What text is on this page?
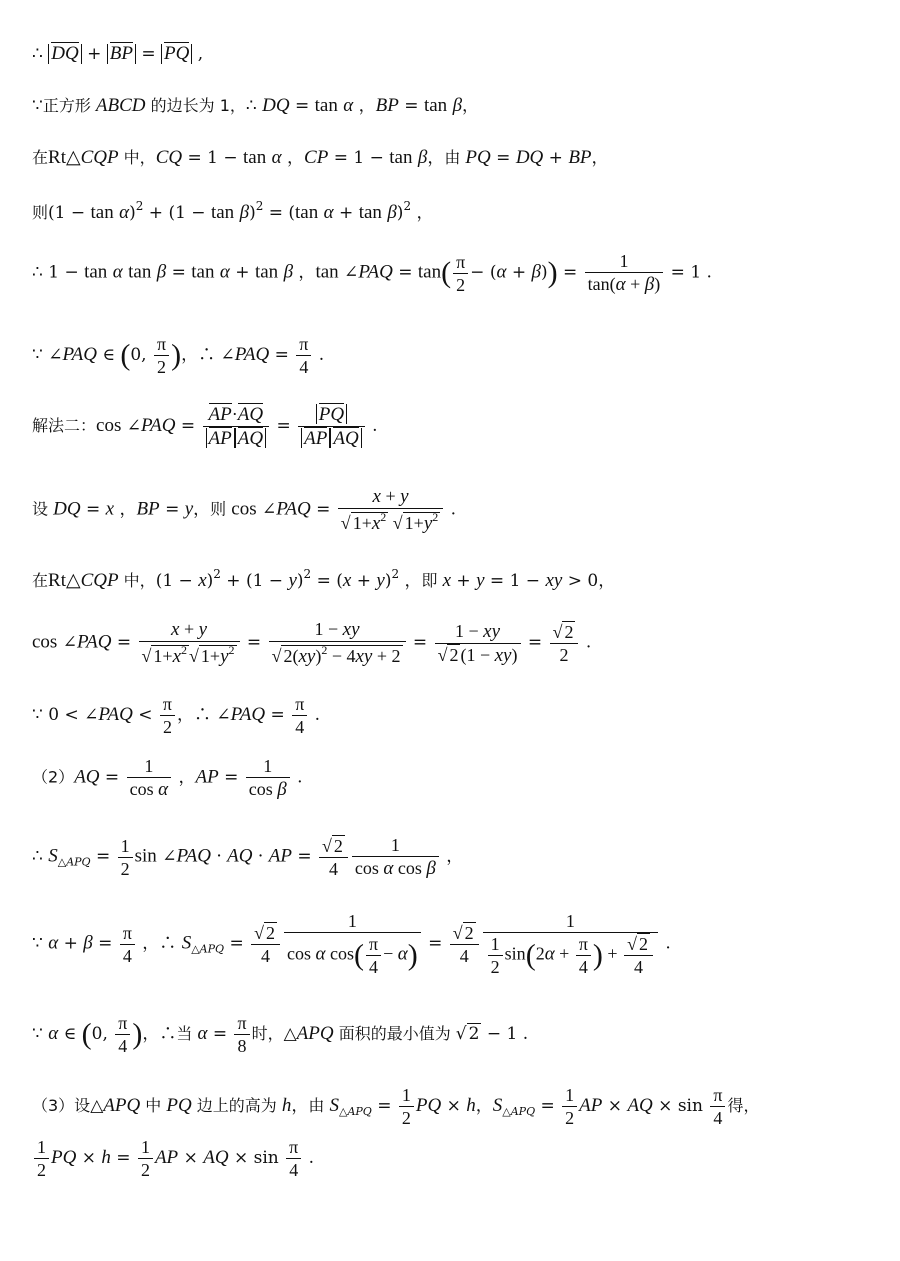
∴ DQ + BP = PQ ,
∵正方形 ABCD 的边长为 1，∴ DQ = tan α ，BP = tan β，
在Rt△CQP 中，CQ = 1 − tan α ，CP = 1 − tan β，由 PQ = DQ + BP，
则$(1 - \tan \alpha)^2 + (1 - \tan \beta)^2 = (\tan$ α + tan β)$^2$ ，
∴ 1 − tan α tan β = tan α + tan β ，tan ∠PAQ = $\tan( \frac{\pi}{2} - (\alpha + \beta)) = \frac{1}{\tan(\alpha + \beta)} = 1$ .
∵ ∠PAQ ∈ (0, $\frac{\pi}{2}$ )，∴ ∠PAQ = $\frac{\pi}{4}$ .
解法二：cos ∠PAQ = $\frac{AP\cdot AQ}{\text{AP AQ}} = \frac{PQ}{\text{AP AQ}}$ .
设 DQ = x ，BP = y，则 cos ∠PAQ = $\frac{x + y}{√ 1+x^2 √ 1+y^2}$ .
在Rt△CQP 中，$(1 - x)^2 + (1 - y)^2 = (x + y)^2$ ，即 x + y = 1 − xy > 0，
cos ∠PAQ = $\frac{x + y}{√ 1+x^2 √ 1+y^2} = \frac{1 - xy}{√ 2(xy)^2 - 4xy + 2} = \frac{1 - xy}{√ 2 (1 - xy)} = \frac{√ 2}{2}$ .
∵ 0 < ∠PAQ < $\frac{\pi}{2}$ ，∴ ∠PAQ = $\frac{\pi}{4}$ .
$(2)AQ = \frac{1}{\text{cos α}}$ ，AP = $\frac{1}{\text{cos β}}$ .
∴ $S_{\triangle APQ} = \frac{1}{2}$ sin ∠PAQ · AQ · AP = $\frac{√ 2}{4} \frac{1}{\text{cos α cos β}}$ ，
∵ $\alpha + \beta = \frac{\pi}{4}$ ，∴ $S_{\triangle APQ} = \frac{√ 2}{4} \frac{1}{\cos \alpha \cos( \frac{\pi}{4} - \alpha)} = \frac{√ 2}{4} \frac{1}{\frac{1}{2} \sin(2\alpha + \frac{\pi}{4} ) + \frac{√ 2}{4}}$ .
∵ α ∈ (0, $\frac{\pi}{4}$ )，∴当 $\alpha = \frac{\pi}{8}$ 时，△APQ 面积的最小值为 √ 2 − 1 .
（3）设△APQ 中 PQ 边上的高为 h，由 $S_{\triangle APQ} = \frac{1}{2}$ PQ × h，$S_{\triangle APQ} = \frac{1}{2}$ AP × AQ × $\sin \frac{\pi}{4}$ 得，
$\frac{1}{2}$ PQ × $h = \frac{1}{2}$ AP × AQ × $\sin \frac{\pi}{4}$ .
